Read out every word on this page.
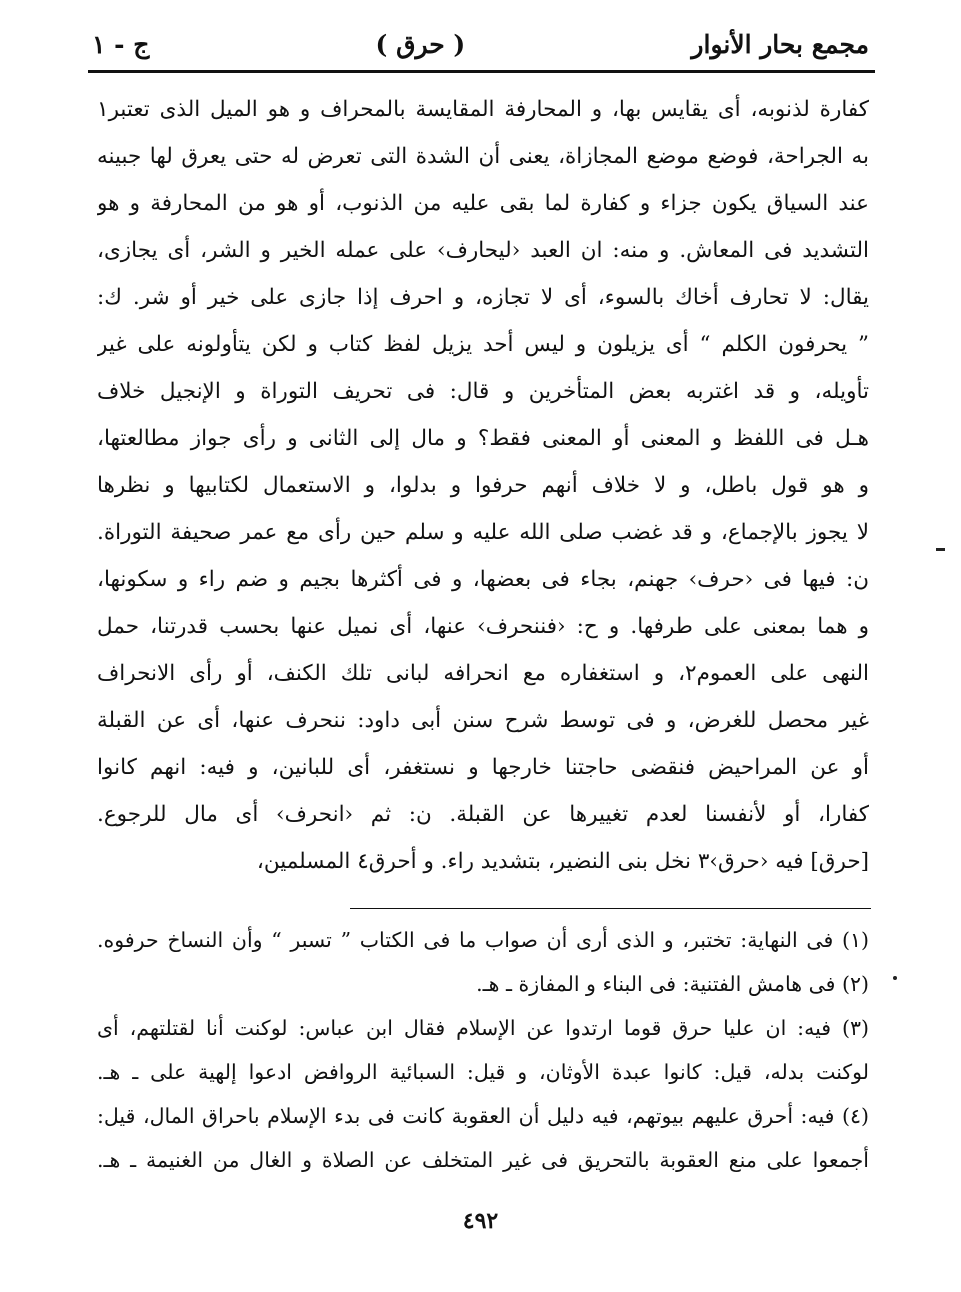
مجمع بحار الأنوار
( حرق )
ج - ١
كفارة لذنوبه، أى يقايس بها، و المحارفة المقايسة بالمحراف و هو الميل الذى تعتبر١
به الجراحة، فوضع موضع المجازاة، يعنى أن الشدة التى تعرض له حتى يعرق لها جبينه
عند السياق يكون جزاء و كفارة لما بقى عليه من الذنوب، أو هو من المحارفة و هو
التشديد فى المعاش. و منه: ان العبد ‹ليحارف› على عمله الخير و الشر، أى يجازى،
يقال: لا تحارف أخاك بالسوء، أى لا تجازه، و احرف إذا جازى على خير أو شر. ك:
” يحرفون الكلم “ أى يزيلون و ليس أحد يزيل لفظ كتاب و لكن يتأولونه على غير
تأويله، و قد اغتربه بعض المتأخرين و قال: فى تحريف التوراة و الإنجيل خلاف
هـل فى اللفظ و المعنى أو المعنى فقط؟ و مال إلى الثانى و رأى جواز مطالعتها،
و هو قول باطل، و لا خلاف أنهم حرفوا و بدلوا، و الاستعمال لكتابيها و نظرها
لا يجوز بالإجماع، و قد غضب صلى الله عليه و سلم حين رأى مع عمر صحيفة التوراة.
ن: فيها فى ‹حرف› جهنم، بجاء فى بعضها، و فى أكثرها بجيم و ضم راء و سكونها،
و هما بمعنى على طرفها. و ح: ‹فننحرف› عنها، أى نميل عنها بحسب قدرتنا، حمل
النهى على العموم٢، و استغفاره مع انحرافه لبانى تلك الكنف، أو رأى الانحراف
غير محصل للغرض، و فى توسط شرح سنن أبى داود: ننحرف عنها، أى عن القبلة
أو عن المراحيض فنقضى حاجتنا خارجها و نستغفر، أى للبانين، و فيه: انهم كانوا
كفارا، أو لأنفسنا لعدم تغييرها عن القبلة. ن: ثم ‹انحرف› أى مال للرجوع.
[حرق] فيه ‹حرق›٣ نخل بنى النضير، بتشديد راء. و أحرق٤ المسلمين،
(١) فى النهاية: تختبر، و الذى أرى أن صواب ما فى الكتاب ” تسبر “ وأن النساخ حرفوه.
(٢) فى هامش الفتنية: فى البناء و المفازة ـ هـ.
(٣) فيه: ان عليا حرق قوما ارتدوا عن الإسلام فقال ابن عباس: لوكنت أنا لقتلتهم، أى
لوكنت بدله، قيل: كانوا عبدة الأوثان، و قيل: السبائية الروافض ادعوا إلهية على ـ هـ.
(٤) فيه: أحرق عليهم بيوتهم، فيه دليل أن العقوبة كانت فى بدء الإسلام باحراق المال، قيل:
أجمعوا على منع العقوبة بالتحريق فى غير المتخلف عن الصلاة و الغال من الغنيمة ـ هـ.
٤٩٢
